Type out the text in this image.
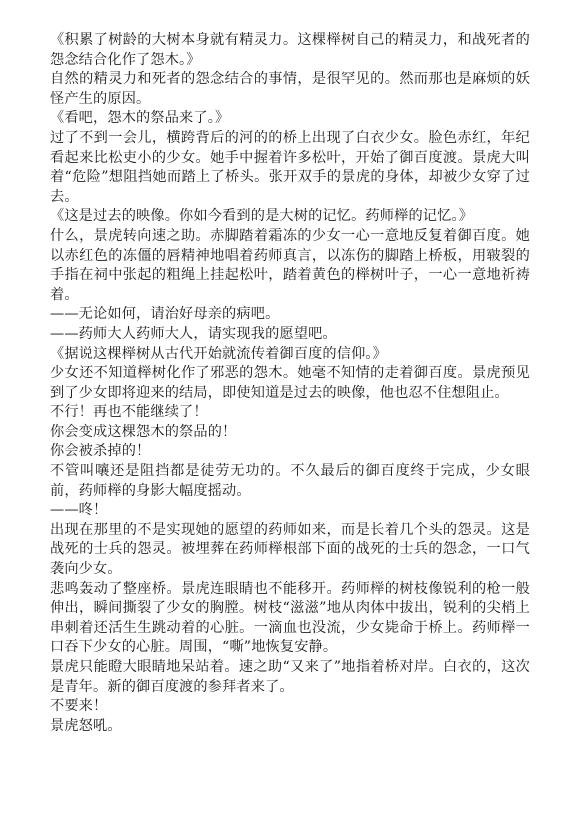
《积累了树龄的大树本身就有精灵力。这棵榉树自己的精灵力，和战死者的怨念结合化作了怨木。》

自然的精灵力和死者的怨念结合的事情，是很罕见的。然而那也是麻烦的妖怪产生的原因。

《看吧，怨木的祭品来了。》

过了不到一会儿，横跨背后的河的的桥上出现了白衣少女。脸色赤红，年纪看起来比松吏小的少女。她手中握着许多松叶，开始了御百度渡。景虎大叫着“危险”想阻挡她而踏上了桥头。张开双手的景虎的身体，却被少女穿了过去。

《这是过去的映像。你如今看到的是大树的记忆。药师榉的记忆。》

什么，景虎转向速之助。赤脚踏着霜冻的少女一心一意地反复着御百度。她以赤红色的冻僵的唇精神地唱着药师真言，以冻伤的脚踏上桥板，用皲裂的手指在祠中张起的粗绳上挂起松叶，踏着黄色的榉树叶子，一心一意地祈祷着。

——无论如何，请治好母亲的病吧。

——药师大人药师大人，请实现我的愿望吧。

《据说这棵榉树从古代开始就流传着御百度的信仰。》

少女还不知道榉树化作了邪恶的怨木。她毫不知情的走着御百度。景虎预见到了少女即将迎来的结局，即使知道是过去的映像，他也忍不住想阻止。

不行！再也不能继续了！

你会变成这棵怨木的祭品的！

你会被杀掉的！

不管叫嚷还是阻挡都是徒劳无功的。不久最后的御百度终于完成，少女眼前，药师榉的身影大幅度摇动。

——咚！

出现在那里的不是实现她的愿望的药师如来，而是长着几个头的怨灵。这是战死的士兵的怨灵。被埋葬在药师榉根部下面的战死的士兵的怨念，一口气袭向少女。

悲鸣轰动了整座桥。景虎连眼睛也不能移开。药师榉的树枝像锐利的枪一般伸出，瞬间撕裂了少女的胸膛。树枝“滋滋”地从肉体中拔出，锐利的尖梢上串刺着还活生生跳动着的心脏。一滴血也没流，少女毙命于桥上。药师榉一口吞下少女的心脏。周围，“嘶”地恢复安静。

景虎只能瞪大眼睛地呆站着。速之助“又来了”地指着桥对岸。白衣的，这次是青年。新的御百度渡的参拜者来了。

不要来！

景虎怒吼。
